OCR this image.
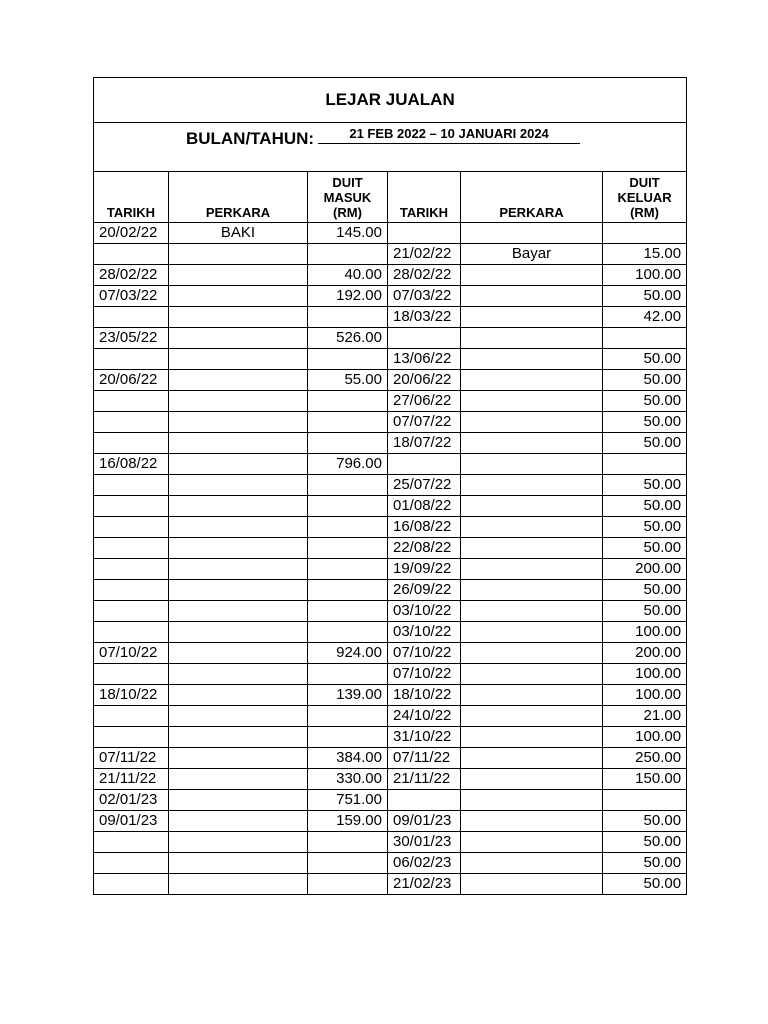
LEJAR JUALAN					

BULAN/TAHUN: 21 FEB 2022 – 10 JANUARI 2024					

TARIKH	PERKARA	DUIT MASUK (RM)	TARIKH	PERKARA	DUIT KELUAR (RM)
20/02/22	BAKI	145.00			
			21/02/22	Bayar	15.00
28/02/22		40.00	28/02/22		100.00
07/03/22		192.00	07/03/22		50.00
			18/03/22		42.00
23/05/22		526.00			
			13/06/22		50.00
20/06/22		55.00	20/06/22		50.00
			27/06/22		50.00
			07/07/22		50.00
			18/07/22		50.00
16/08/22		796.00			
			25/07/22		50.00
			01/08/22		50.00
			16/08/22		50.00
			22/08/22		50.00
			19/09/22		200.00
			26/09/22		50.00
			03/10/22		50.00
			03/10/22		100.00
07/10/22		924.00	07/10/22		200.00
			07/10/22		100.00
18/10/22		139.00	18/10/22		100.00
			24/10/22		21.00
			31/10/22		100.00
07/11/22		384.00	07/11/22		250.00
21/11/22		330.00	21/11/22		150.00
02/01/23		751.00			
09/01/23		159.00	09/01/23		50.00
			30/01/23		50.00
			06/02/23		50.00
			21/02/23		50.00
